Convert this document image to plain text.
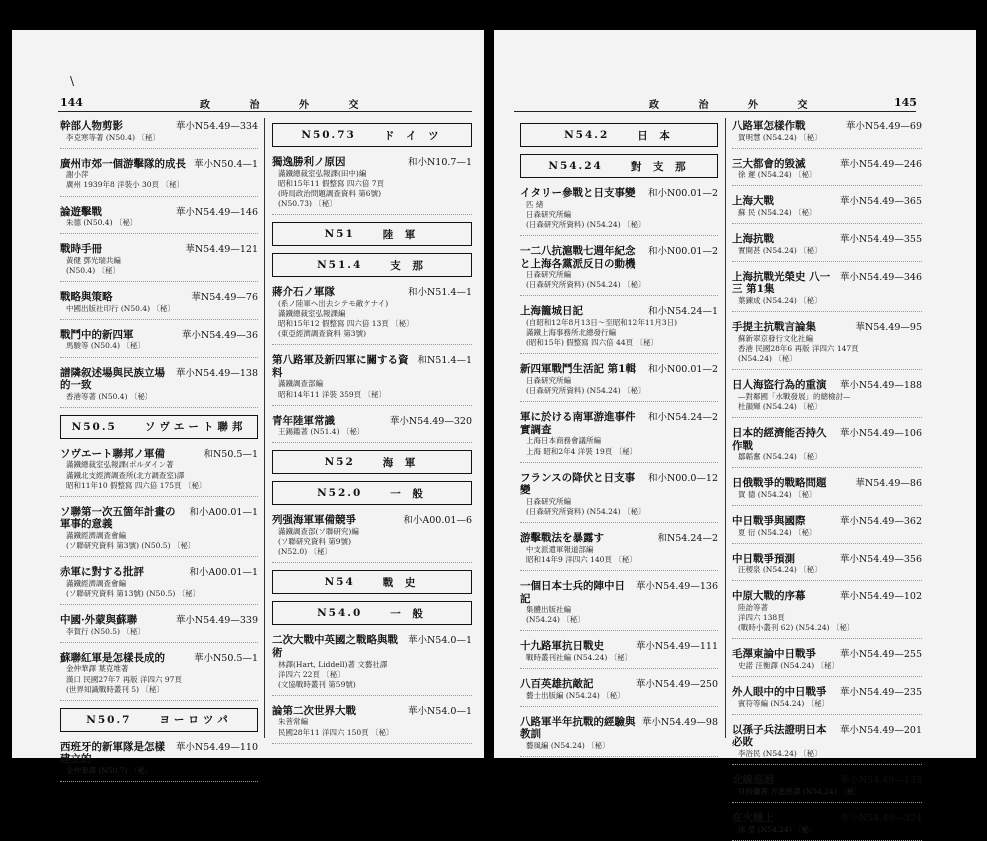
\
144	政 治 外 交
幹部人物剪影	華小N54.49—334
李克寒等著 (N50.4) 〔秘〕
廣州市郊一個游擊隊的成長 華小N50.4—1
謝小萍
廣州 1939年8 洋裝小 30頁 〔秘〕
論遊擊戰	華小N54.49—146
朱德 (N50.4) 〔秘〕
戰時手冊	華N54.49—121
黃健 鄧光瑞共編
(N50.4) 〔秘〕
戰略與策略	華N54.49—76
中國出版社印行 (N50.4) 〔秘〕
戰鬥中的新四軍	華小N54.49—36
馬駿等 (N50.4) 〔秘〕
譜隣叙述場與民族立場的一致
華小N54.49—138
香港等著 (N50.4) 〔秘〕
N50.5	ソヴエート聯邦
ソヴエート聯邦ノ軍備	和N50.5—1
滿鐵總裁室弘報課(ポルダイン著
滿鐵北支經濟調查所(北方調查室)譯
昭和11年10 假整寫 四六倍 175頁 〔秘〕
ソ聯第一次五箇年計畫の軍事的意義
和小A00.01—1
滿鐵經濟調查會編
(ソ聯研究資料 第3號) (N50.5) 〔秘〕
赤軍に對する批評	和小A00.01—1
滿鐵經濟調查會編
(ソ聯研究資料 第13號) (N50.5) 〔秘〕
中國·外蒙與蘇聯	華小N54.49—339
李賀行 (N50.5) 〔秘〕
蘇聯紅軍是怎樣長成的	華小N50.5—1
金仲華譯 葉克堆著
漢口 民國27年7 再版 洋四六 97頁
(世界知識戰時叢刊 5) 〔秘〕
N50.7	ヨーロツパ
西班牙的新軍隊是怎樣建立的
華小N54.49—110
金仲華譯 (N50.7) 〔秘〕
N50.73	ド イ ツ
獨逸勝利ノ原因	和小N10.7—1
滿鐵總裁室弘報課(田中)編
昭和15年11 假整寫 四六倍 7頁
(時局政治問題調查資料 第6號)
(N50.73) 〔秘〕
N51	陸 軍
N51.4	支 那
蔣介石ノ軍隊	和小N51.4—1
(系ノ陸軍ヘ出去シテモ敵ケナイ)
滿鐵總裁室弘報課編
昭和15年12 假整寫 四六倍 13頁 〔秘〕
(東亞經濟調查資料 第3號)
第八路軍及新四軍に關する資料
和N51.4—1
滿鐵調查部編
昭和14年11 洋裝 359頁 〔秘〕
青年陸軍常識	華小N54.49—320
王錫鑑著 (N51.4) 〔秘〕
N52	海 軍
N52.0	一 般
列强海軍軍備競爭	和小A00.01—6
滿鐵調查部(ソ聯研究)編
(ソ聯研究資料 第9號)
(N52.0) 〔秘〕
N54	戰 史
N54.0	一 般
二次大戰中英國之戰略與戰術
華小N54.0—1
林譯(Hart, Liddell)著 文藝社譯
洋四六 22頁 〔秘〕
(文協戰時叢刊 第59號)
論第二次世界大戰	華小N54.0—1
朱菩常編
民國28年11 洋四六 150頁 〔秘〕
政 治 外 交	145
N54.2	日 本
N54.24	對 支 那
イタリー參戰と日支事變 和小N00.01—2
匹 緒
日森研究所編
(日森研究所資料) (N54.24) 〔秘〕
一二八抗滬戰七週年紀念と上海各黨派反日の動機
和小N00.01—2
日森研究所編
(日森研究所資料) (N54.24) 〔秘〕
上海籠城日記	和小N54.24—1
(自昭和12年8月13日～至昭和12年11月3日)
滿鐵上海事務所北總發行編
(昭和15年) 假整寫 四六倍 44頁 〔秘〕
新四軍戰鬥生活記 第1輯 和小N00.01—2
日森研究所編
(日森研究所資料) (N54.24) 〔秘〕
軍に於ける南軍游進事件實調查
和小N54.24—2
上海日本商務會議所編
上海 昭和2年4 洋裝 19頁 〔秘〕
フランスの降伏と日支事變
和小N00.0—12
日森研究所編
(日森研究所資料) (N54.24) 〔秘〕
游擊戰法を暴露す	和N54.24—2
中支派遣軍報道部編
昭和14年9 洋四六 140頁 〔秘〕
一個日本士兵的陣中日記
華小N54.49—136
集體出版社編
(N54.24) 〔秘〕
十九路軍抗日戰史	華小N54.49—111
戰時叢刊社編 (N54.24) 〔秘〕
八百英雄抗敵記	華小N54.49—250
藝士出版編 (N54.24) 〔秘〕
八路軍半年抗戰的經驗與教訓
華小N54.49—98
藝風編 (N54.24) 〔秘〕
八路軍怎樣作戰	華小N54.49—69
賀明慧 (N54.24) 〔秘〕
三大都會的毀滅	華小N54.49—246
徐 遲 (N54.24) 〔秘〕
上海大戰	華小N54.49—365
蘇 民 (N54.24) 〔秘〕
上海抗戰	華小N54.49—355
實開甚 (N54.24) 〔秘〕
上海抗戰光榮史 八一三 第1集
華小N54.49—346
葉鍊成 (N54.24) 〔秘〕
手提主抗戰言論集	華N54.49—95
蘇新翠京發行文化社編
香港 民國28年6 再版 洋四六 147頁
(N54.24) 〔秘〕
日人海盜行為的重演 華小N54.49—188
—對鄰國「水戰發展」的總檢討—
杜韻輝 (N54.24) 〔秘〕
日本的經濟能否持久作戰
華小N54.49—106
鄒韜奮 (N54.24) 〔秘〕
日俄戰爭的戰略問題	華N54.49—86
賀 德 (N54.24) 〔秘〕
中日戰爭與國際	華小N54.49—362
夏 衍 (N54.24) 〔秘〕
中日戰爭預測	華小N54.49—356
汪稷泉 (N54.24) 〔秘〕
中原大戰的序幕	華小N54.49—102
陸詒等著
洋四六 138頁
(戰時小叢刊 62) (N54.24) 〔秘〕
毛澤東論中日戰爭	華小N54.49—255
史諾 汪衡譯 (N54.24) 〔秘〕
外人眼中的中日戰爭 華小N54.49—235
賓符等編 (N54.24) 〔秘〕
以孫子兵法證明日本必敗
華小N54.49—201
李浴民 (N54.24) 〔秘〕
北線巡迴	華小N54.49—133
貝特蘭著 方遙巒譯 (N54.24) 〔秘〕
在火綫上	華小N54.49—324
冰 瑩 (N54.24) 〔秘〕
